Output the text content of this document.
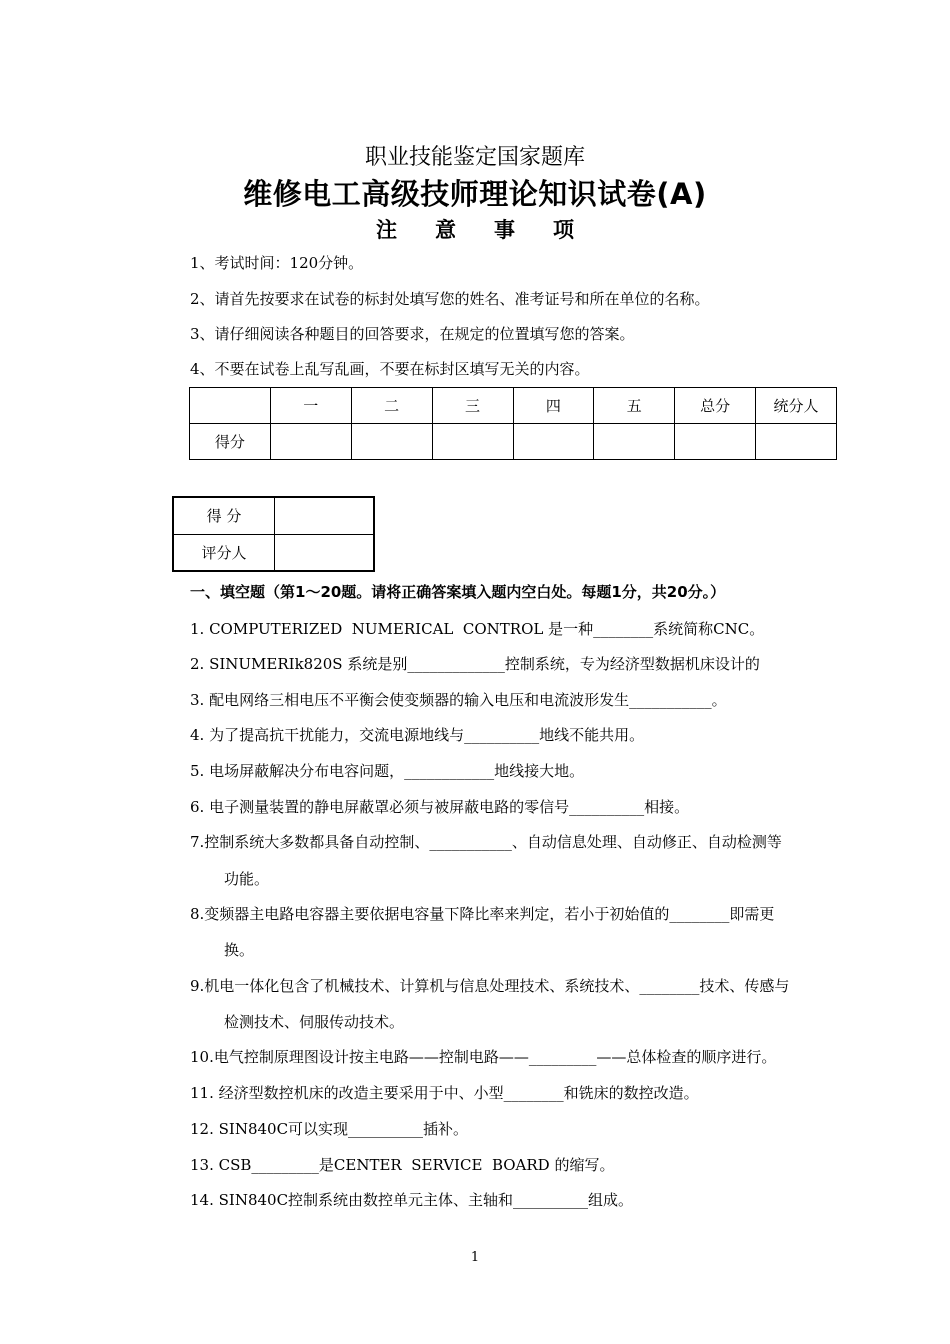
职业技能鉴定国家题库
维修电工高级技师理论知识试卷(A)
注意事项
1、考试时间：120分钟。
2、请首先按要求在试卷的标封处填写您的姓名、准考证号和所在单位的名称。
3、请仔细阅读各种题目的回答要求，在规定的位置填写您的答案。
4、不要在试卷上乱写乱画，不要在标封区填写无关的内容。
	一	二	三	四	五	总分	统分人
得分							
得 分	
评分人	
一、填空题（第1～20题。请将正确答案填入题内空白处。每题1分，共20分。）
1. COMPUTERIZED  NUMERICAL  CONTROL 是一种________系统简称CNC。
2. SINUMERIk820S 系统是别_____________控制系统，专为经济型数据机床设计的
3. 配电网络三相电压不平衡会使变频器的输入电压和电流波形发生___________。
4. 为了提高抗干扰能力，交流电源地线与__________地线不能共用。
5. 电场屏蔽解决分布电容问题，____________地线接大地。
6. 电子测量装置的静电屏蔽罩必须与被屏蔽电路的零信号__________相接。
7.控制系统大多数都具备自动控制、___________、自动信息处理、自动修正、自动检测等
功能。
8.变频器主电路电容器主要依据电容量下降比率来判定，若小于初始值的________即需更
换。
9.机电一体化包含了机械技术、计算机与信息处理技术、系统技术、________技术、传感与
检测技术、伺服传动技术。
10.电气控制原理图设计按主电路——控制电路——_________——总体检查的顺序进行。
11. 经济型数控机床的改造主要采用于中、小型________和铣床的数控改造。
12. SIN840C可以实现__________插补。
13. CSB_________是CENTER  SERVICE  BOARD 的缩写。
14. SIN840C控制系统由数控单元主体、主轴和__________组成。
1
